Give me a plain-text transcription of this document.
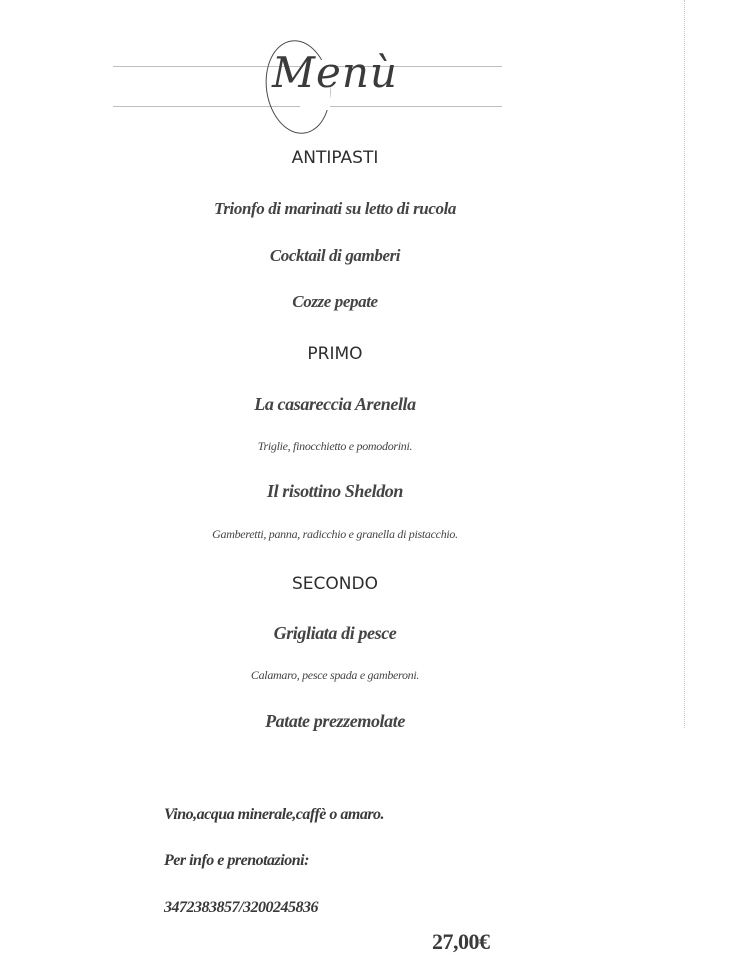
Menù
ANTIPASTI
Trionfo di marinati su letto di rucola
Cocktail di gamberi
Cozze pepate
PRIMO
La casareccia Arenella
Triglie, finocchietto e pomodorini.
Il risottino Sheldon
Gamberetti, panna, radicchio e granella di pistacchio.
SECONDO
Grigliata di pesce
Calamaro, pesce spada e gamberoni.
Patate prezzemolate
Vino,acqua minerale,caffè o amaro.
Per info e prenotazioni:
3472383857/3200245836
27,00€
